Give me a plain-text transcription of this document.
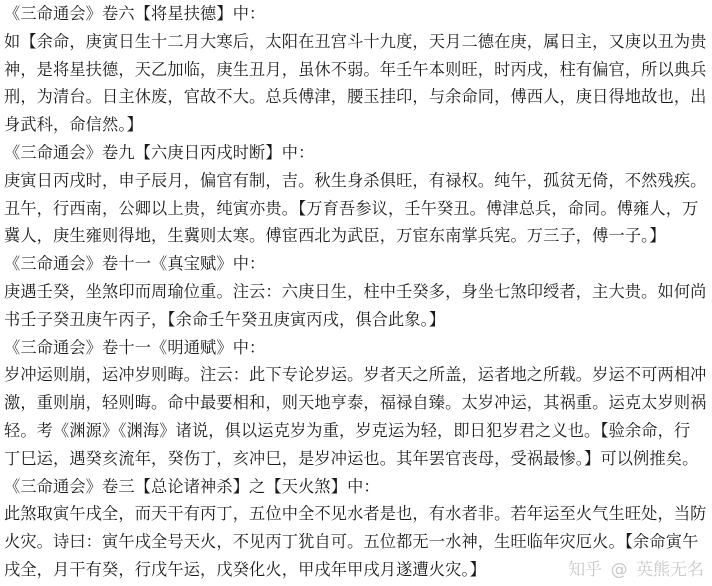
《三命通会》卷六【将星扶德】中：
如【余命，庚寅日生十二月大寒后，太阳在丑宫斗十九度，天月二德在庚，属日主，又庚以丑为贵
神，是将星扶德，天乙加临，庚生丑月，虽休不弱。年壬午本则旺，时丙戌，柱有偏官，所以典兵
刑，为清台。日主休废，官故不大。总兵傅津，腰玉挂印，与余命同，傅西人，庚日得地故也，出
身武科，命信然。】
《三命通会》卷九【六庚日丙戌时断】中：
庚寅日丙戌时，申子辰月，偏官有制，吉。秋生身杀俱旺，有禄权。纯午，孤贫无倚，不然残疾。
丑午，行西南，公卿以上贵，纯寅亦贵。【万育吾参议，壬午癸丑。傅津总兵，命同。傅雍人，万
冀人，庚生雍则得地，生冀则太寒。傅宦西北为武臣，万宦东南掌兵宪。万三子，傅一子。】
《三命通会》卷十一《真宝赋》中：
庚遇壬癸，坐煞印而周瑜位重。注云：六庚日生，柱中壬癸多，身坐七煞印绶者，主大贵。如何尚
书壬子癸丑庚午丙子，【余命壬午癸丑庚寅丙戌，俱合此象。】
《三命通会》卷十一《明通赋》中：
岁冲运则崩，运冲岁则晦。注云：此下专论岁运。岁者天之所盖，运者地之所载。岁运不可两相冲
激，重则崩，轻则晦。命中最要相和，则天地亨泰，福禄自臻。太岁冲运，其祸重。运克太岁则祸
轻。考《渊源》《渊海》诸说，俱以运克岁为重，岁克运为轻，即日犯岁君之义也。【验余命，行
丁巳运，遇癸亥流年，癸伤丁，亥冲巳，是岁冲运也。其年罢官丧母，受祸最惨。】可以例推矣。
《三命通会》卷三【总论诸神杀】之【天火煞】中：
此煞取寅午戌全，而天干有丙丁，五位中全不见水者是也，有水者非。若年运至火气生旺处，当防
火灾。诗曰：寅午戌全号天火，不见丙丁犹自可。五位都无一水神，生旺临年灾厄火。【余命寅午
戌全，月干有癸，行戊午运，戊癸化火，甲戌年甲戌月遂遭火灾。】	知乎 @ 英熊无名
